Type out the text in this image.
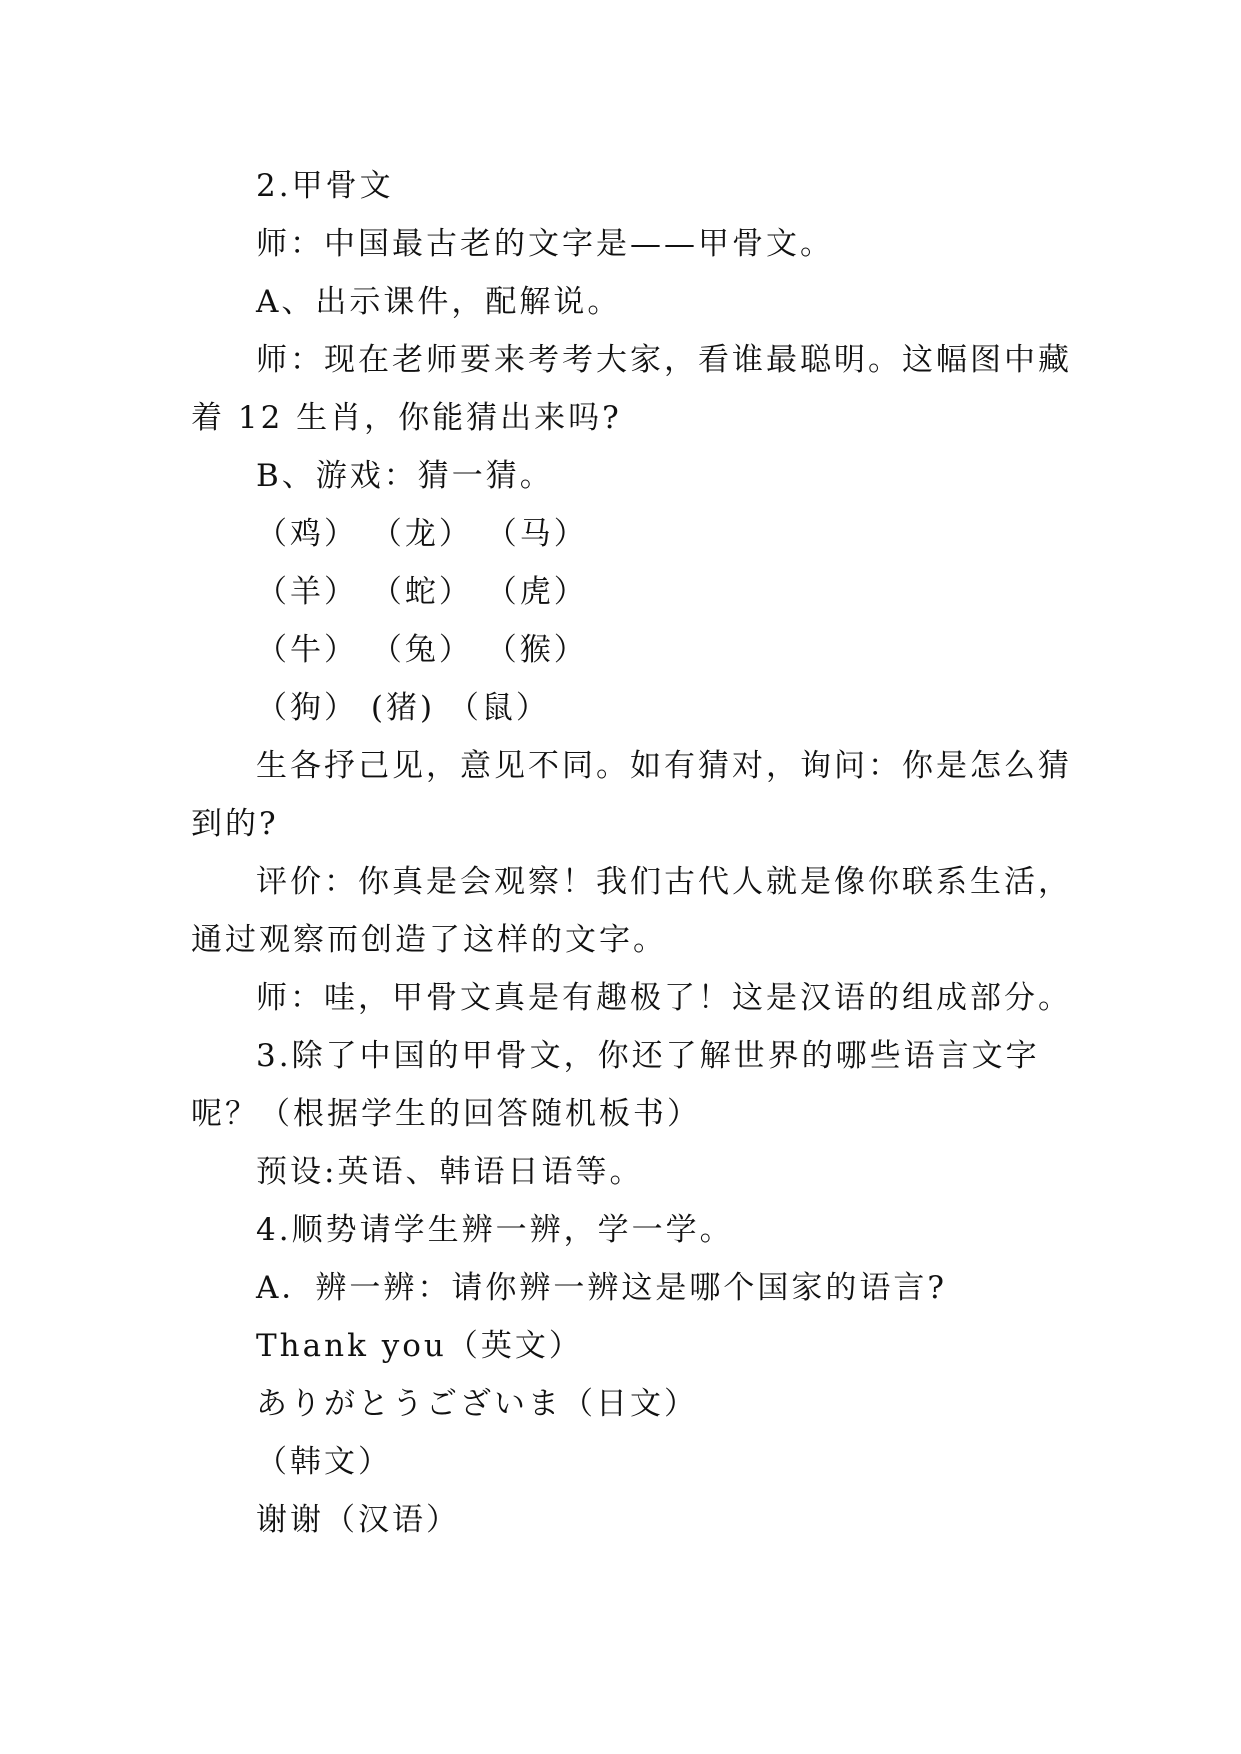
2.甲骨文
师：中国最古老的文字是——甲骨文。
A、出示课件，配解说。
师：现在老师要来考考大家，看谁最聪明。这幅图中藏
着 12 生肖，你能猜出来吗?
B、游戏：猜一猜。
（鸡） （龙） （马）
（羊） （蛇） （虎）
（牛） （兔） （猴）
（狗） (猪) （鼠）
生各抒己见，意见不同。如有猜对，询问：你是怎么猜
到的?
评价：你真是会观察！我们古代人就是像你联系生活，
通过观察而创造了这样的文字。
师：哇，甲骨文真是有趣极了！这是汉语的组成部分。
3.除了中国的甲骨文，你还了解世界的哪些语言文字
呢？（根据学生的回答随机板书）
预设:英语、韩语日语等。
4.顺势请学生辨一辨，学一学。
A．辨一辨：请你辨一辨这是哪个国家的语言?
Thank you（英文）
ありがとうございま（日文）
（韩文）
谢谢（汉语）
